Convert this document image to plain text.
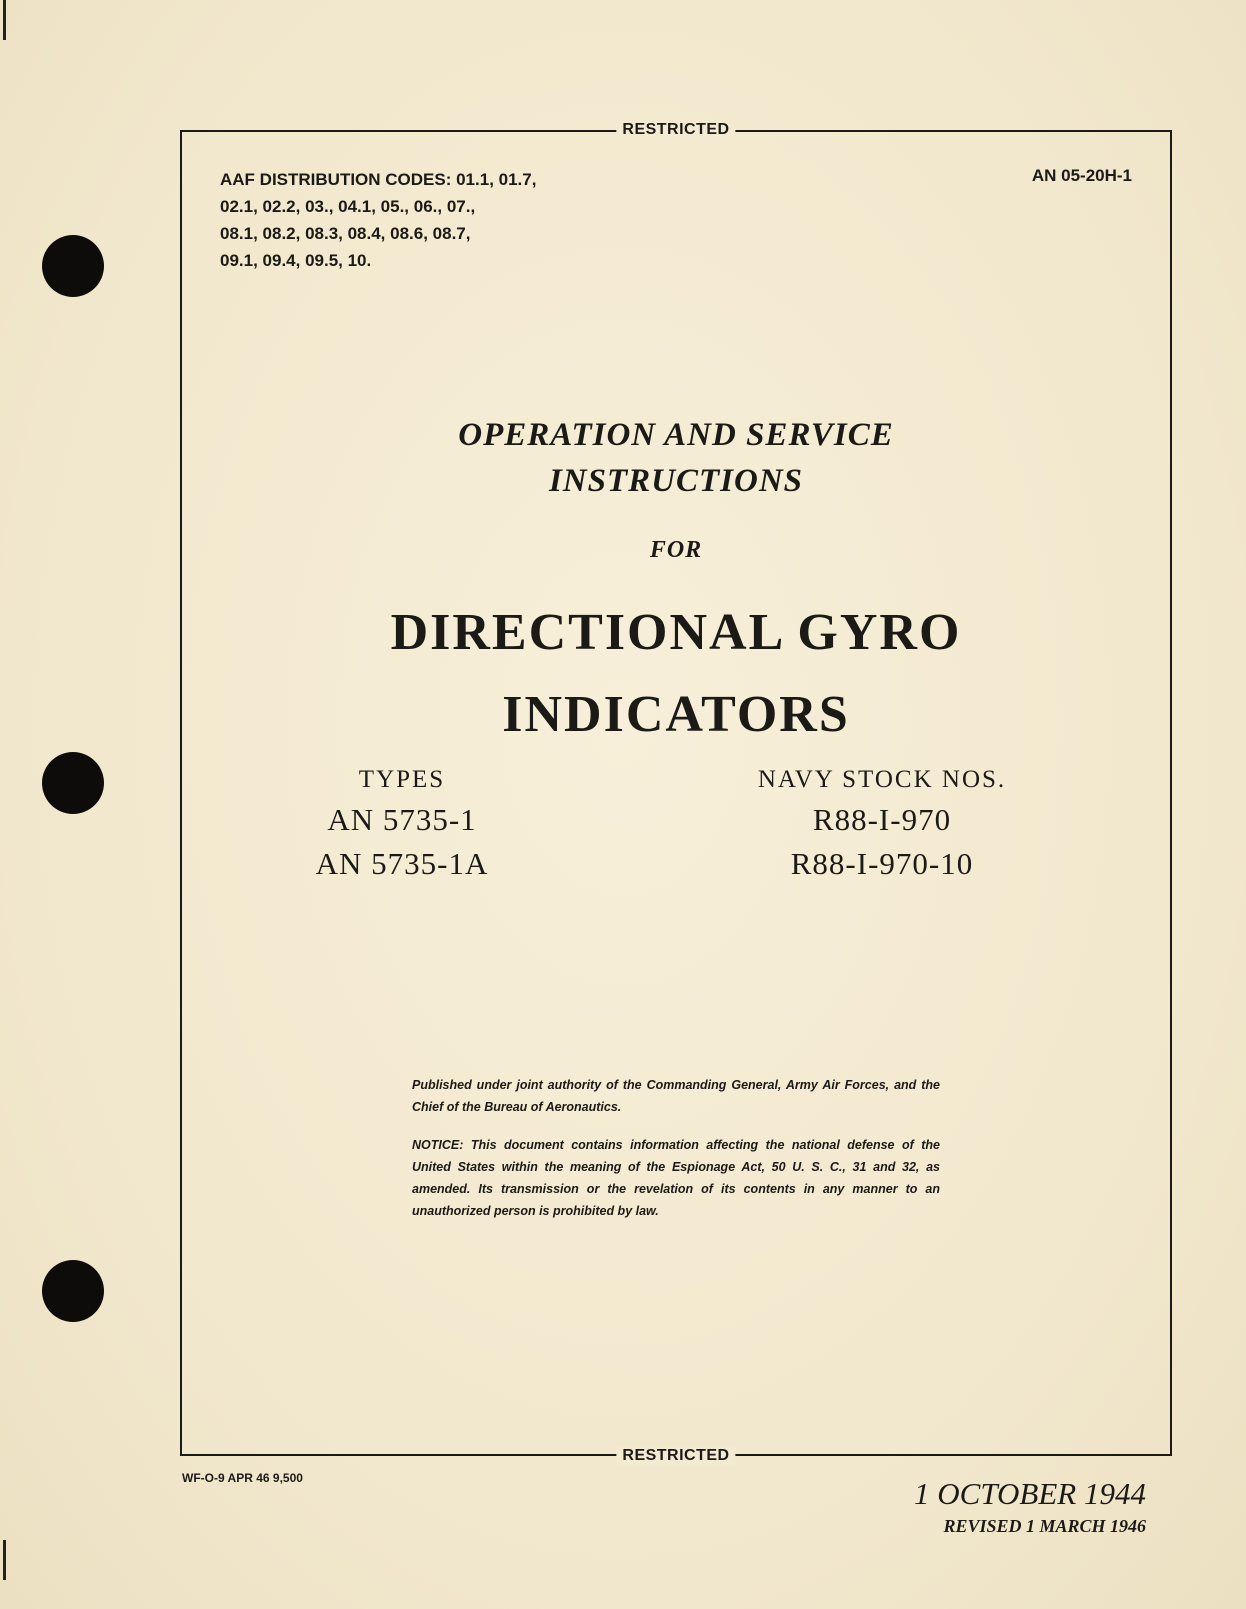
RESTRICTED
AAF DISTRIBUTION CODES: 01.1, 01.7,
02.1, 02.2, 03., 04.1, 05., 06., 07.,
08.1, 08.2, 08.3, 08.4, 08.6, 08.7,
09.1, 09.4, 09.5, 10.
AN 05-20H-1
OPERATION AND SERVICE
INSTRUCTIONS
FOR
DIRECTIONAL GYRO
INDICATORS
TYPES
AN 5735-1
AN 5735-1A
NAVY STOCK NOS.
R88-I-970
R88-I-970-10
Published under joint authority of the Commanding General, Army Air Forces, and the Chief of the Bureau of Aeronautics.
NOTICE: This document contains information affecting the national defense of the United States within the meaning of the Espionage Act, 50 U. S. C., 31 and 32, as amended. Its transmission or the revelation of its contents in any manner to an unauthorized person is prohibited by law.
RESTRICTED
WF-O-9 APR 46 9,500	1 OCTOBER 1944
REVISED 1 MARCH 1946
